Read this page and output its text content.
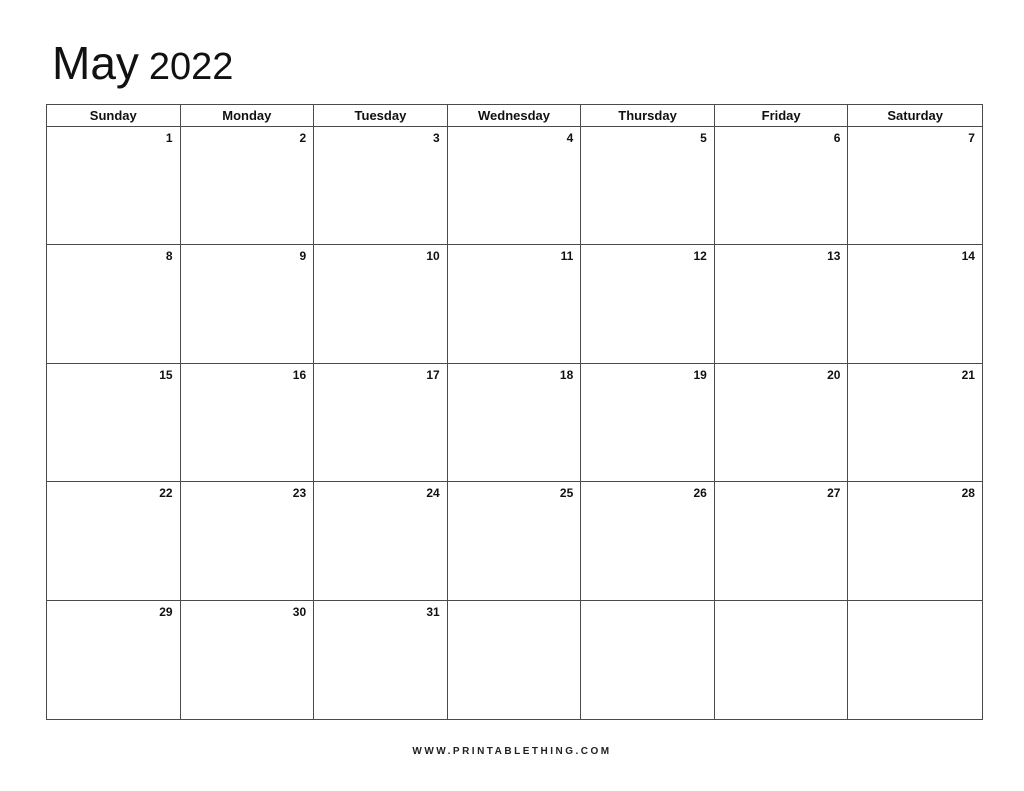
May 2022
Sunday	Monday	Tuesday	Wednesday	Thursday	Friday	Saturday
1	2	3	4	5	6	7
8	9	10	11	12	13	14
15	16	17	18	19	20	21
22	23	24	25	26	27	28
29	30	31
WWW.PRINTABLETHING.COM
